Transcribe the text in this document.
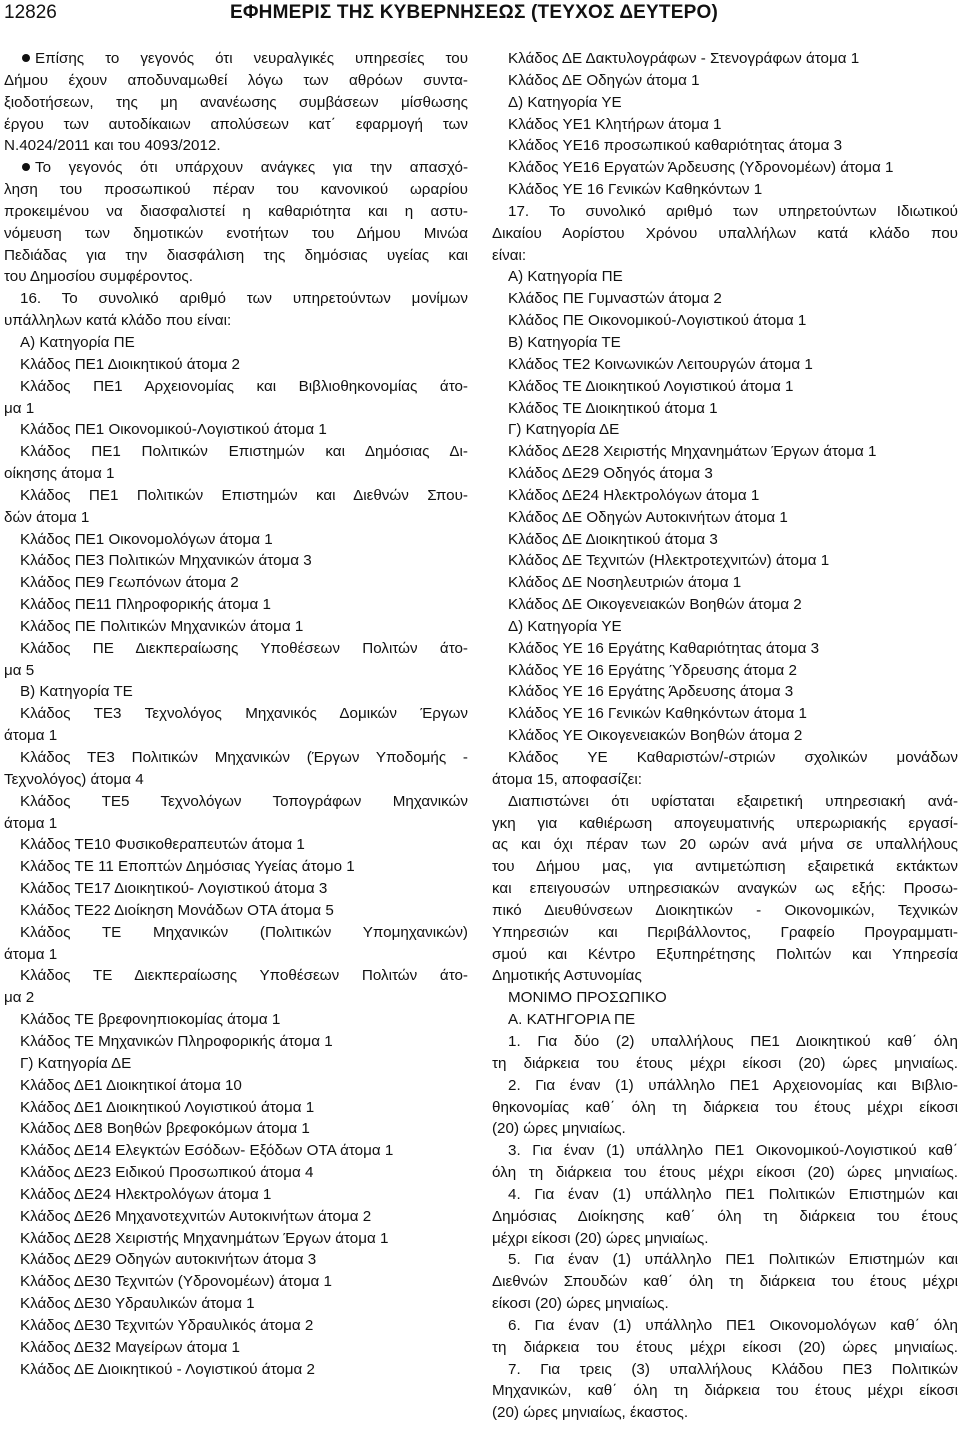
12826	ΕΦΗΜΕΡΙΣ ΤΗΣ ΚΥΒΕΡΝΗΣΕΩΣ (ΤΕΥΧΟΣ ΔΕΥΤΕΡΟ)
Επίσης το γεγονός ότι νευραλγικές υπηρεσίες του
Δήμου έχουν αποδυναμωθεί λόγω των αθρόων συντα-
ξιοδοτήσεων, της μη ανανέωσης συμβάσεων μίσθωσης
έργου των αυτοδίκαιων απολύσεων κατ΄ εφαρμογή των
Ν.4024/2011 και του 4093/2012.
Το γεγονός ότι υπάρχουν ανάγκες για την απασχό-
ληση του προσωπικού πέραν του κανονικού ωραρίου
προκειμένου να διασφαλιστεί η καθαριότητα και η αστυ-
νόμευση των δημοτικών ενοτήτων του Δήμου Μινώα
Πεδιάδας για την διασφάλιση της δημόσιας υγείας και
του Δημοσίου συμφέροντος.
16. Το συνολικό αριθμό των υπηρετούντων μονίμων
υπάλληλων κατά κλάδο που είναι:
Α) Κατηγορία ΠΕ
Κλάδος ΠΕ1 Διοικητικού άτομα 2
Κλάδος ΠΕ1 Αρχειονομίας και Βιβλιοθηκονομίας άτο-
μα 1
Κλάδος ΠΕ1 Οικονομικού-Λογιστικού άτομα 1
Κλάδος ΠΕ1 Πολιτικών Επιστημών και Δημόσιας Δι-
οίκησης άτομα 1
Κλάδος ΠΕ1 Πολιτικών Επιστημών και Διεθνών Σπου-
δών άτομα 1
Κλάδος ΠΕ1 Οικονομολόγων άτομα 1
Κλάδος ΠΕ3 Πολιτικών Μηχανικών άτομα 3
Κλάδος ΠΕ9 Γεωπόνων άτομα 2
Κλάδος ΠΕ11 Πληροφορικής άτομα 1
Κλάδος ΠΕ Πολιτικών Μηχανικών άτομα 1
Κλάδος ΠΕ Διεκπεραίωσης Υποθέσεων Πολιτών άτο-
μα 5
Β) Κατηγορία ΤΕ
Κλάδος ΤΕ3 Τεχνολόγος Μηχανικός Δομικών Έργων
άτομα 1
Κλάδος ΤΕ3 Πολιτικών Μηχανικών (Έργων Υποδομής -
Τεχνολόγος) άτομα 4
Κλάδος ΤΕ5 Τεχνολόγων Τοπογράφων Μηχανικών
άτομα 1
Κλάδος ΤΕ10 Φυσικοθεραπευτών άτομα 1
Κλάδος ΤΕ 11 Εποπτών Δημόσιας Υγείας άτομο 1
Κλάδος ΤΕ17 Διοικητικού- Λογιστικού άτομα 3
Κλάδος ΤΕ22 Διοίκηση Μονάδων ΟΤΑ άτομα 5
Κλάδος ΤΕ Μηχανικών (Πολιτικών Υπομηχανικών)
άτομα 1
Κλάδος ΤΕ Διεκπεραίωσης Υποθέσεων Πολιτών άτο-
μα 2
Κλάδος ΤΕ βρεφονηπιοκομίας άτομα 1
Κλάδος ΤΕ Μηχανικών Πληροφορικής άτομα 1
Γ) Κατηγορία ΔΕ
Κλάδος ΔΕ1 Διοικητικοί άτομα 10
Κλάδος ΔΕ1 Διοικητικού Λογιστικού άτομα 1
Κλάδος ΔΕ8 Βοηθών βρεφοκόμων άτομα 1
Κλάδος ΔΕ14 Ελεγκτών Εσόδων- Εξόδων ΟΤΑ άτομα 1
Κλάδος ΔΕ23 Ειδικού Προσωπικού άτομα 4
Κλάδος ΔΕ24 Ηλεκτρολόγων άτομα 1
Κλάδος ΔΕ26 Μηχανοτεχνιτών Αυτοκινήτων άτομα 2
Κλάδος ΔΕ28 Χειριστής Μηχανημάτων Έργων άτομα 1
Κλάδος ΔΕ29 Οδηγών αυτοκινήτων άτομα 3
Κλάδος ΔΕ30 Τεχνιτών (Υδρονομέων) άτομα 1
Κλάδος ΔΕ30 Υδραυλικών άτομα 1
Κλάδος ΔΕ30 Τεχνιτών Υδραυλικός άτομα 2
Κλάδος ΔΕ32 Μαγείρων άτομα 1
Κλάδος ΔΕ Διοικητικού - Λογιστικού άτομα 2
Κλάδος ΔΕ Δακτυλογράφων - Στενογράφων άτομα 1
Κλάδος ΔΕ Οδηγών άτομα 1
Δ) Κατηγορία ΥΕ
Κλάδος ΥΕ1 Κλητήρων άτομα 1
Κλάδος ΥΕ16 προσωπικού καθαριότητας άτομα 3
Κλάδος ΥΕ16 Εργατών Άρδευσης (Υδρονομέων) άτομα 1
Κλάδος ΥΕ 16 Γενικών Καθηκόντων 1
17. Το συνολικό αριθμό των υπηρετούντων Ιδιωτικού
Δικαίου Αορίστου Χρόνου υπαλλήλων κατά κλάδο που
είναι:
Α) Κατηγορία ΠΕ
Κλάδος ΠΕ Γυμναστών άτομα 2
Κλάδος ΠΕ Οικονομικού-Λογιστικού άτομα 1
Β) Κατηγορία ΤΕ
Κλάδος ΤΕ2 Κοινωνικών Λειτουργών άτομα 1
Κλάδος ΤΕ Διοικητικού Λογιστικού άτομα 1
Κλάδος ΤΕ Διοικητικού άτομα 1
Γ) Κατηγορία ΔΕ
Κλάδος ΔΕ28 Χειριστής Μηχανημάτων Έργων άτομα 1
Κλάδος ΔΕ29 Οδηγός άτομα 3
Κλάδος ΔΕ24 Ηλεκτρολόγων άτομα 1
Κλάδος ΔΕ Οδηγών Αυτοκινήτων άτομα 1
Κλάδος ΔΕ Διοικητικού άτομα 3
Κλάδος ΔΕ Τεχνιτών (Ηλεκτροτεχνιτών) άτομα 1
Κλάδος ΔΕ Νοσηλευτριών άτομα 1
Κλάδος ΔΕ Οικογενειακών Βοηθών άτομα 2
Δ) Κατηγορία ΥΕ
Κλάδος ΥΕ 16 Εργάτης Καθαριότητας άτομα 3
Κλάδος ΥΕ 16 Εργάτης Ύδρευσης άτομα 2
Κλάδος ΥΕ 16 Εργάτης Άρδευσης άτομα 3
Κλάδος ΥΕ 16 Γενικών Καθηκόντων άτομα 1
Κλάδος ΥΕ Οικογενειακών Βοηθών άτομα 2
Κλάδος ΥΕ Καθαριστών/-στριών σχολικών μονάδων
άτομα 15, αποφασίζει:
Διαπιστώνει ότι υφίσταται εξαιρετική υπηρεσιακή ανά-
γκη για καθιέρωση απογευματινής υπερωριακής εργασί-
ας και όχι πέραν των 20 ωρών ανά μήνα σε υπαλλήλους
του Δήμου μας, για αντιμετώπιση εξαιρετικά εκτάκτων
και επειγουσών υπηρεσιακών αναγκών ως εξής: Προσω-
πικό Διευθύνσεων Διοικητικών - Οικονομικών, Τεχνικών
Υπηρεσιών και Περιβάλλοντος, Γραφείο Προγραμματι-
σμού και Κέντρο Εξυπηρέτησης Πολιτών και Υπηρεσία
Δημοτικής Αστυνομίας
ΜΟΝΙΜΟ ΠΡΟΣΩΠΙΚΟ
Α. ΚΑΤΗΓΟΡΙΑ ΠΕ
1. Για δύο (2) υπαλλήλους ΠΕ1 Διοικητικού καθ΄ όλη
τη διάρκεια του έτους μέχρι είκοσι (20) ώρες μηνιαίως.
2. Για έναν (1) υπάλληλο ΠΕ1 Αρχειονομίας και Βιβλιο-
θηκονομίας καθ΄ όλη τη διάρκεια του έτους μέχρι είκοσι
(20) ώρες μηνιαίως.
3. Για έναν (1) υπάλληλο ΠΕ1 Οικονομικού-Λογιστικού καθ΄
όλη τη διάρκεια του έτους μέχρι είκοσι (20) ώρες μηνιαίως.
4. Για έναν (1) υπάλληλο ΠΕ1 Πολιτικών Επιστημών και
Δημόσιας Διοίκησης καθ΄ όλη τη διάρκεια του έτους
μέχρι είκοσι (20) ώρες μηνιαίως.
5. Για έναν (1) υπάλληλο ΠΕ1 Πολιτικών Επιστημών και
Διεθνών Σπουδών καθ΄ όλη τη διάρκεια του έτους μέχρι
είκοσι (20) ώρες μηνιαίως.
6. Για έναν (1) υπάλληλο ΠΕ1 Οικονομολόγων καθ΄ όλη
τη διάρκεια του έτους μέχρι είκοσι (20) ώρες μηνιαίως.
7. Για τρεις (3) υπαλλήλους Κλάδου ΠΕ3 Πολιτικών
Μηχανικών, καθ΄ όλη τη διάρκεια του έτους μέχρι είκοσι
(20) ώρες μηνιαίως, έκαστος.
